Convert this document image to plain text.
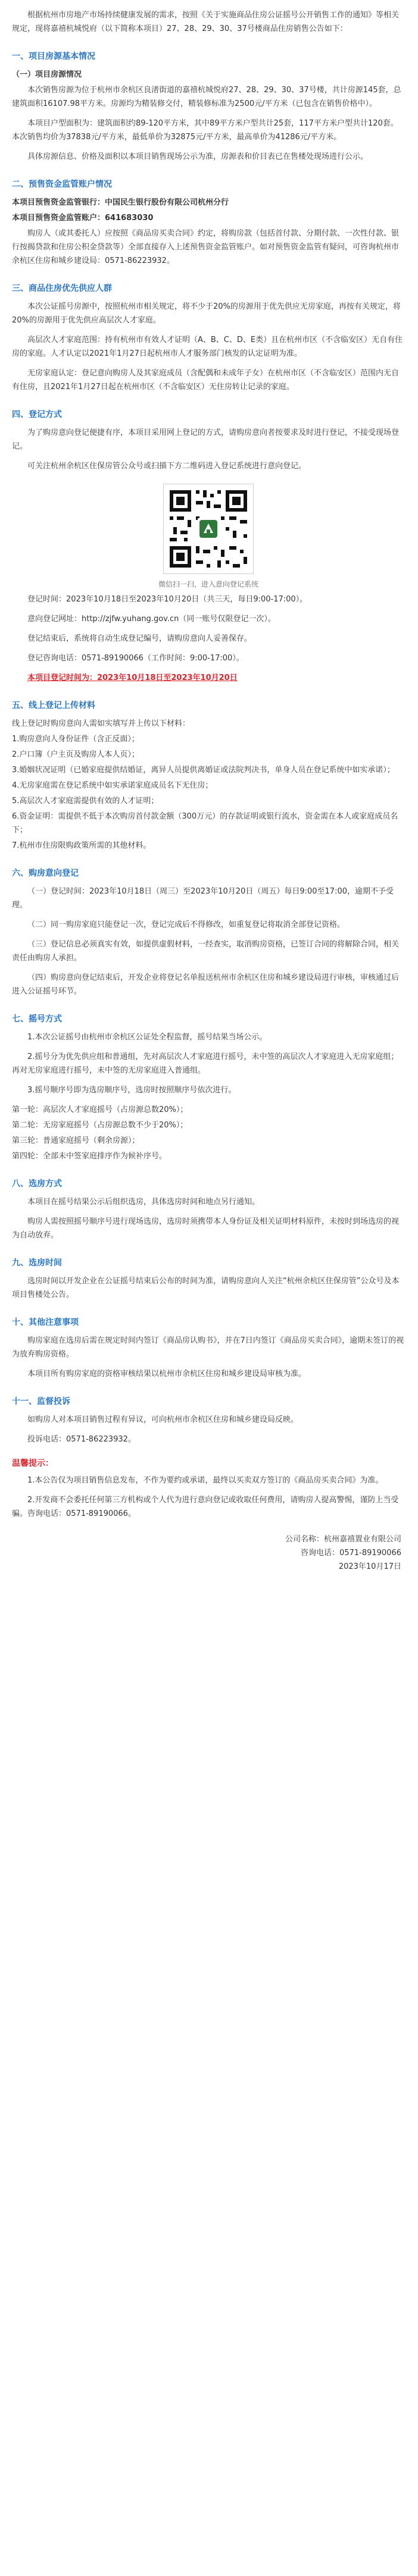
根据杭州市房地产市场持续健康发展的需求，按照《关于实施商品住房公证摇号公开销售工作的通知》等相关规定，现将嘉禧杭城悦府（以下简称本项目）27、28、29、30、37号楼商品住房销售公告如下：

一、项目房源基本情况

（一）项目房源情况

本次销售房源为位于杭州市余杭区良渚街道的嘉禧杭城悦府27、28、29、30、37号楼，共计房源145套，总建筑面积16107.98平方米。房源均为精装修交付，精装修标准为2500元/平方米（已包含在销售价格中）。

本项目户型面积为：建筑面积约89-120平方米，其中89平方米户型共计25套，117平方米户型共计120套。本次销售均价为37838元/平方米，最低单价为32875元/平方米，最高单价为41286元/平方米。

具体房源信息、价格及面积以本项目销售现场公示为准，房源表和价目表已在售楼处现场进行公示。

二、预售资金监管账户情况

本项目预售资金监管银行：中国民生银行股份有限公司杭州分行

本项目预售资金监管账户：641683030

购房人（或其委托人）应按照《商品房买卖合同》约定，将购房款（包括首付款、分期付款、一次性付款、银行按揭贷款和住房公积金贷款等）全部直接存入上述预售资金监管账户。如对预售资金监管有疑问，可咨询杭州市余杭区住房和城乡建设局：0571-86223932。

三、商品住房优先供应人群

本次公证摇号房源中，按照杭州市相关规定，将不少于20%的房源用于优先供应无房家庭，再按有关规定，将20%的房源用于优先供应高层次人才家庭。

高层次人才家庭范围：持有杭州市有效人才证明（A、B、C、D、E类）且在杭州市区（不含临安区）无自有住房的家庭。人才认定以2021年1月27日起杭州市人才服务部门核发的认定证明为准。

无房家庭认定：登记意向购房人及其家庭成员（含配偶和未成年子女）在杭州市区（不含临安区）范围内无自有住房，且2021年1月27日起在杭州市区（不含临安区）无住房转让记录的家庭。

四、登记方式

为了购房意向登记便捷有序，本项目采用网上登记的方式，请购房意向者按要求及时进行登记，不接受现场登记。

可关注杭州余杭区住保房管公众号或扫描下方二维码进入登记系统进行意向登记。

微信扫一扫，进入意向登记系统

登记时间：2023年10月18日至2023年10月20日（共三天，每日9:00-17:00）。

意向登记网址：http://zjfw.yuhang.gov.cn（同一账号仅限登记一次）。

登记结束后，系统将自动生成登记编号，请购房意向人妥善保存。

登记咨询电话：0571-89190066（工作时间：9:00-17:00）。

本项目登记时间为：2023年10月18日至2023年10月20日

五、线上登记上传材料

线上登记时购房意向人需如实填写并上传以下材料：

1.购房意向人身份证件（含正反面）；

2.户口簿（户主页及购房人本人页）；

3.婚姻状况证明（已婚家庭提供结婚证，离异人员提供离婚证或法院判决书，单身人员在登记系统中如实承诺）；

4.无房家庭需在登记系统中如实承诺家庭成员名下无住房；

5.高层次人才家庭需提供有效的人才证明；

6.资金证明：需提供不低于本次购房首付款金额（300万元）的存款证明或银行流水，资金需在本人或家庭成员名下；

7.杭州市住房限购政策所需的其他材料。

六、购房意向登记

（一）登记时间：2023年10月18日（周三）至2023年10月20日（周五）每日9:00至17:00，逾期不予受理。

（二）同一购房家庭只能登记一次，登记完成后不得修改，如重复登记将取消全部登记资格。

（三）登记信息必须真实有效，如提供虚假材料，一经查实，取消购房资格，已签订合同的将解除合同，相关责任由购房人承担。

（四）购房意向登记结束后，开发企业将登记名单报送杭州市余杭区住房和城乡建设局进行审核，审核通过后进入公证摇号环节。

七、摇号方式

1.本次公证摇号由杭州市余杭区公证处全程监督，摇号结果当场公示。

2.摇号分为优先供应组和普通组，先对高层次人才家庭进行摇号，未中签的高层次人才家庭进入无房家庭组；再对无房家庭进行摇号，未中签的无房家庭进入普通组。

3.摇号顺序号即为选房顺序号，选房时按照顺序号依次进行。

第一轮：高层次人才家庭摇号（占房源总数20%）；

第二轮：无房家庭摇号（占房源总数不少于20%）；

第三轮：普通家庭摇号（剩余房源）；

第四轮：全部未中签家庭排序作为候补序号。

八、选房方式

本项目在摇号结果公示后组织选房，具体选房时间和地点另行通知。

购房人需按照摇号顺序号进行现场选房，选房时须携带本人身份证及相关证明材料原件，未按时到场选房的视为自动放弃。

九、选房时间

选房时间以开发企业在公证摇号结束后公布的时间为准，请购房意向人关注“杭州余杭区住保房管”公众号及本项目售楼处公告。

十、其他注意事项

购房家庭在选房后需在规定时间内签订《商品房认购书》，并在7日内签订《商品房买卖合同》，逾期未签订的视为放弃购房资格。

本项目所有购房家庭的资格审核结果以杭州市余杭区住房和城乡建设局审核为准。

十一、监督投诉

如购房人对本项目销售过程有异议，可向杭州市余杭区住房和城乡建设局反映。

投诉电话：0571-86223932。

温馨提示：

1.本公告仅为项目销售信息发布，不作为要约或承诺，最终以买卖双方签订的《商品房买卖合同》为准。

2.开发商不会委托任何第三方机构或个人代为进行意向登记或收取任何费用，请购房人提高警惕，谨防上当受骗。咨询电话：0571-89190066。

公司名称：杭州嘉禧置业有限公司
咨询电话：0571-89190066
2023年10月17日
